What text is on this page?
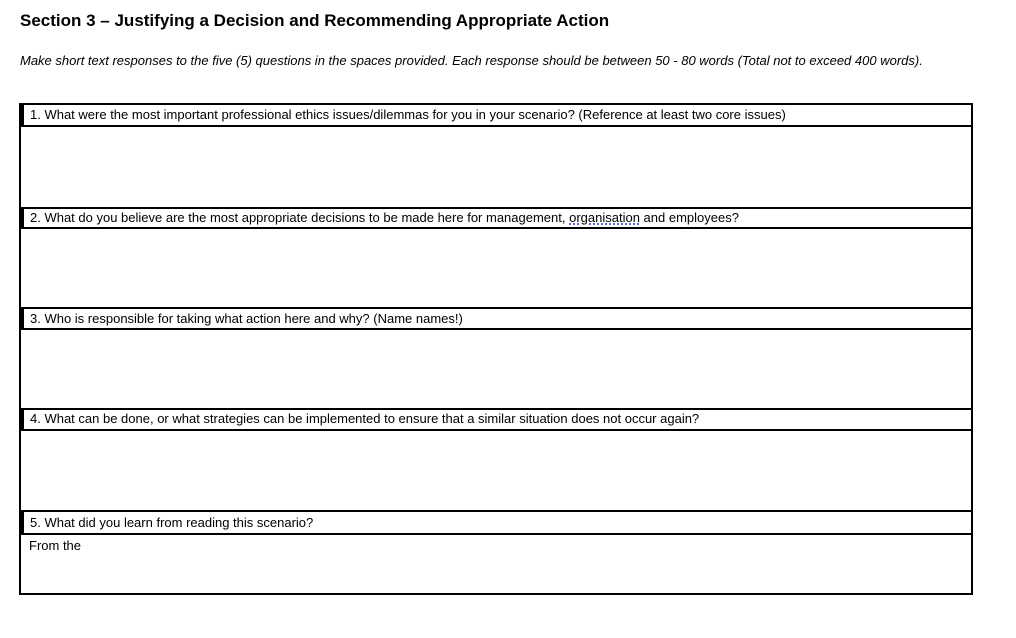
Section 3 – Justifying a Decision and Recommending Appropriate Action
Make short text responses to the five (5) questions in the spaces provided. Each response should be between 50 - 80 words (Total not to exceed 400 words).
1. What were the most important professional ethics issues/dilemmas for you in your scenario? (Reference at least two core issues)
2. What do you believe are the most appropriate decisions to be made here for management, organisation and employees?
3. Who is responsible for taking what action here and why? (Name names!)
4. What can be done, or what strategies can be implemented to ensure that a similar situation does not occur again?
5. What did you learn from reading this scenario?
From the
